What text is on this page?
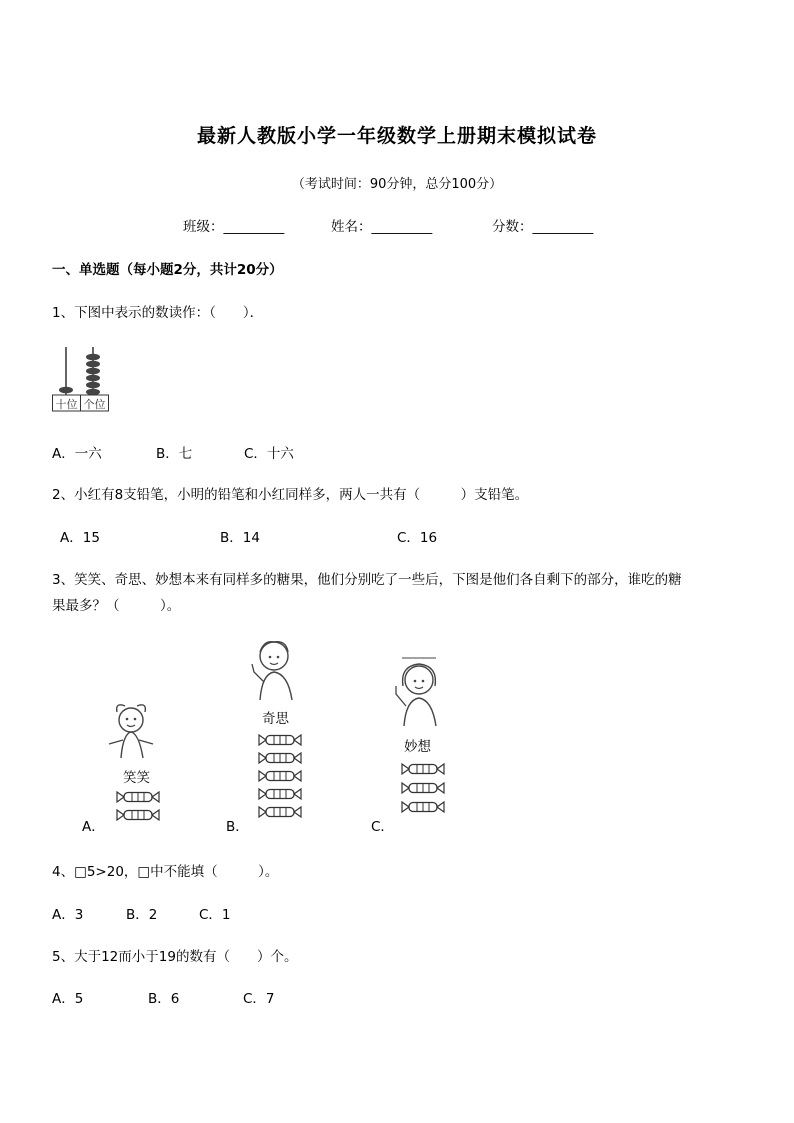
最新人教版小学一年级数学上册期末模拟试卷
（考试时间：90分钟，总分100分）
班级：_________	姓名：_________	分数：_________
一、单选题（每小题2分，共计20分）
1、下图中表示的数读作：（　　）．
十位 个位
A．一六	B．七	C．十六
2、小红有8支铅笔，小明的铅笔和小红同样多，两人一共有（　　　）支铅笔。
A．15	B．14	C．16
3、笑笑、奇思、妙想本来有同样多的糖果，他们分别吃了一些后，下图是他们各自剩下的部分，谁吃的糖
果最多？（　　　）。
笑笑
A．
奇思
B．
妙想
C．
4、□5>20，□中不能填（　　　）。
A．3	B．2	C．1
5、大于12而小于19的数有（　　）个。
A．5	B．6	C．7
